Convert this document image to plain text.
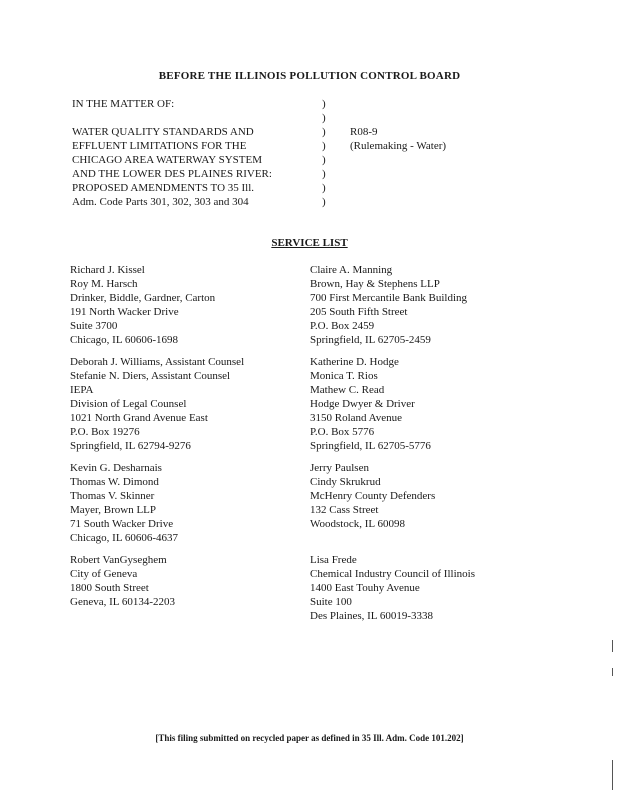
BEFORE THE ILLINOIS POLLUTION CONTROL BOARD
IN THE MATTER OF:	)
)
WATER QUALITY STANDARDS AND	)	R08-9
EFFLUENT LIMITATIONS FOR THE	)	(Rulemaking - Water)
CHICAGO AREA WATERWAY SYSTEM	)
AND THE LOWER DES PLAINES RIVER:	)
PROPOSED AMENDMENTS TO 35 Ill.	)
Adm. Code Parts 301, 302, 303 and 304	)
SERVICE LIST
Richard J. Kissel
Roy M. Harsch
Drinker, Biddle, Gardner, Carton
191 North Wacker Drive
Suite 3700
Chicago, IL 60606-1698
Claire A. Manning
Brown, Hay & Stephens LLP
700 First Mercantile Bank Building
205 South Fifth Street
P.O. Box 2459
Springfield, IL 62705-2459
Deborah J. Williams, Assistant Counsel
Stefanie N. Diers, Assistant Counsel
IEPA
Division of Legal Counsel
1021 North Grand Avenue East
P.O. Box 19276
Springfield, IL 62794-9276
Katherine D. Hodge
Monica T. Rios
Mathew C. Read
Hodge Dwyer & Driver
3150 Roland Avenue
P.O. Box 5776
Springfield, IL 62705-5776
Kevin G. Desharnais
Thomas W. Dimond
Thomas V. Skinner
Mayer, Brown LLP
71 South Wacker Drive
Chicago, IL 60606-4637
Jerry Paulsen
Cindy Skrukrud
McHenry County Defenders
132 Cass Street
Woodstock, IL 60098
Robert VanGyseghem
City of Geneva
1800 South Street
Geneva, IL 60134-2203
Lisa Frede
Chemical Industry Council of Illinois
1400 East Touhy Avenue
Suite 100
Des Plaines, IL 60019-3338
[This filing submitted on recycled paper as defined in 35 Ill. Adm. Code 101.202]
